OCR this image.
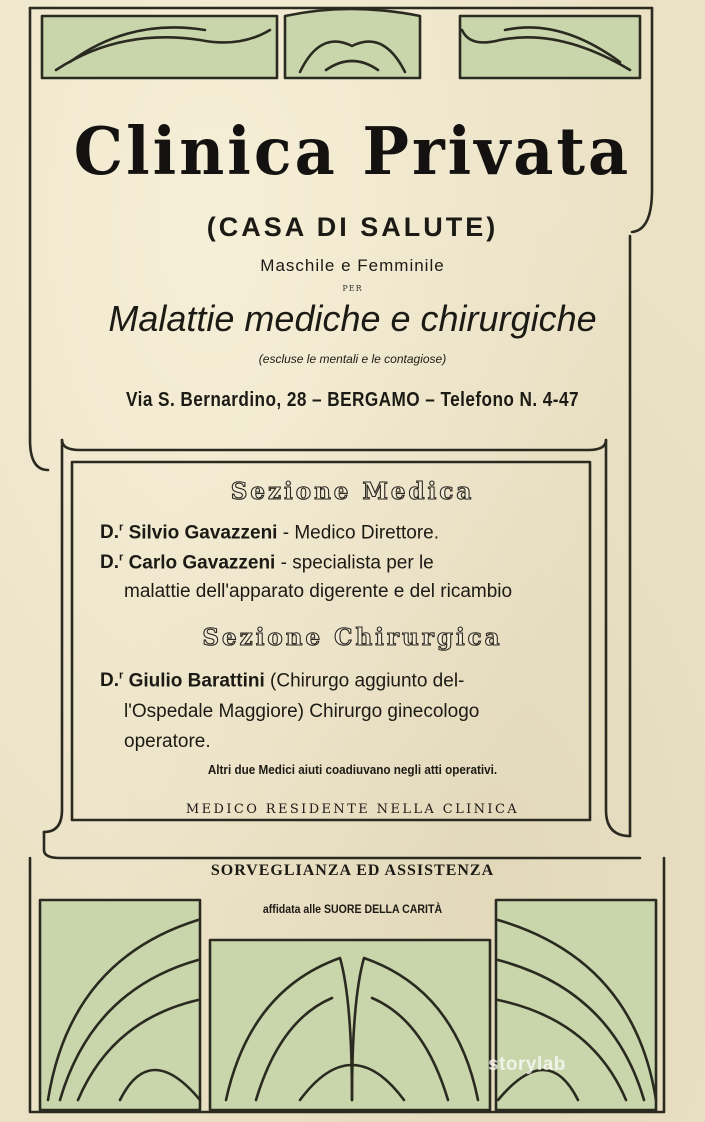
Clinica Privata
(CASA DI SALUTE)
Maschile e Femminile
PER
Malattie mediche e chirurgiche
(escluse le mentali e le contagiose)
Via S. Bernardino, 28 – BERGAMO – Telefono N. 4-47
Sezione Medica
D.$^r$ Silvio Gavazzeni - Medico Direttore.
D.$^r$ Carlo Gavazzeni - specialista per le
malattie dell'apparato digerente e del ricambio
Sezione Chirurgica
D.$^r$ Giulio Barattini (Chirurgo aggiunto del-
l'Ospedale Maggiore) Chirurgo ginecologo
operatore.
Altri due Medici aiuti coadiuvano negli atti operativi.
MEDICO RESIDENTE NELLA CLINICA
SORVEGLIANZA ED ASSISTENZA
affidata alle SUORE DELLA CARITÀ
storylab
